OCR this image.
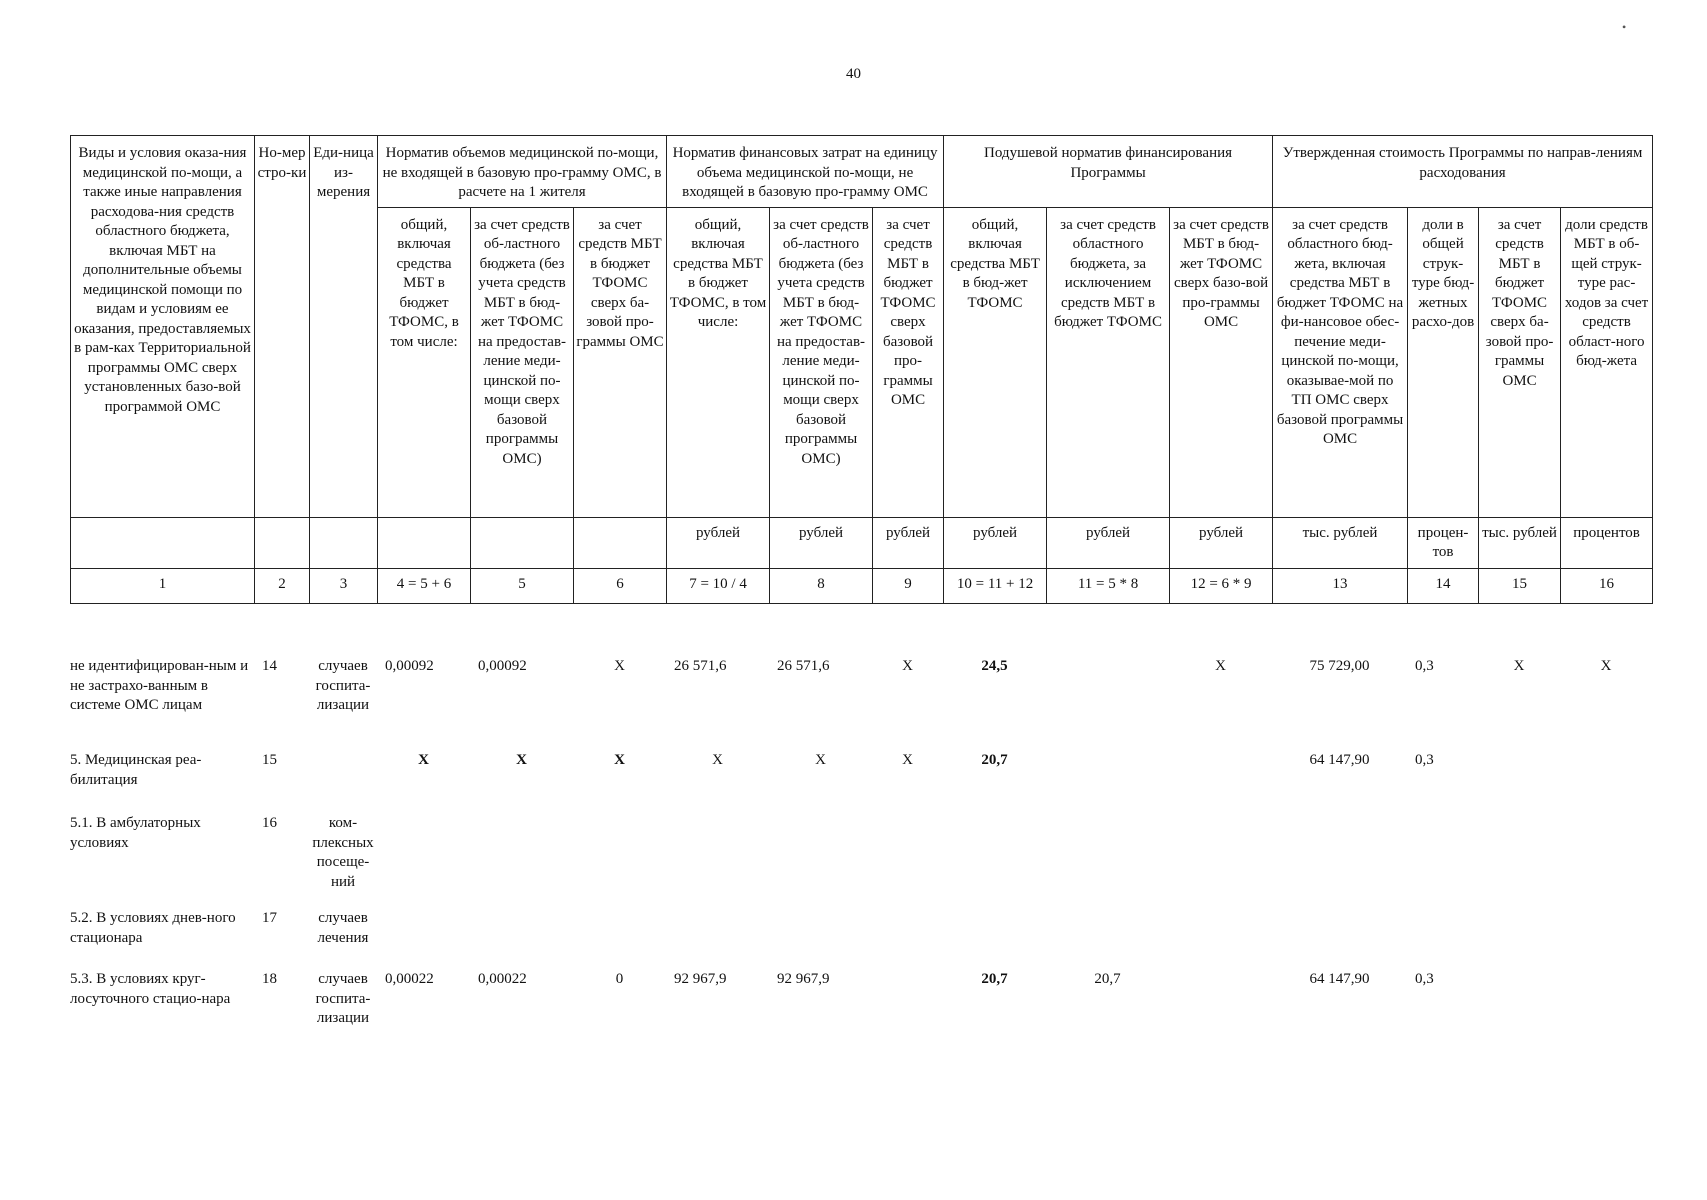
40
Виды и условия оказа-ния медицинской по-мощи, а также иные направления расходова-ния средств областного бюджета, включая МБТ на дополнительные объемы медицинской помощи по видам и условиям ее оказания, предоставляемых в рам-ках Территориальной программы ОМС сверх установленных базо-вой программой ОМС	Но-мер стро-ки	Еди-ница из-мерения	Норматив объемов медицинской по-мощи, не входящей в базовую про-грамму ОМС, в расчете на 1 жителя			Норматив финансовых затрат на единицу объема медицинской по-мощи, не входящей в базовую про-грамму ОМС			Подушевой норматив финансирования Программы			Утвержденная стоимость Программы по направ-лениям расходования			
			общий, включая средства МБТ в бюджет ТФОМС, в том числе:	за счет средств об-ластного бюджета (без учета средств МБТ в бюд-жет ТФОМС на предостав-ление меди-цинской по-мощи сверх базовой программы ОМС)	за счет средств МБТ в бюджет ТФОМС сверх ба-зовой про-граммы ОМС	общий, включая средства МБТ в бюджет ТФОМС, в том числе:	за счет средств об-ластного бюджета (без учета средств МБТ в бюд-жет ТФОМС на предостав-ление меди-цинской по-мощи сверх базовой программы ОМС)	за счет средств МБТ в бюджет ТФОМС сверх базовой про-граммы ОМС	общий, включая средства МБТ в бюд-жет ТФОМС	за счет средств областного бюджета, за исключением средств МБТ в бюджет ТФОМС	за счет средств МБТ в бюд-жет ТФОМС сверх базо-вой про-граммы ОМС	за счет средств областного бюд-жета, включая средства МБТ в бюджет ТФОМС на фи-нансовое обес-печение меди-цинской по-мощи, оказывае-мой по ТП ОМС сверх базовой программы ОМС	доли в общей струк-туре бюд-жетных расхо-дов	за счет средств МБТ в бюджет ТФОМС сверх ба-зовой про-граммы ОМС	доли средств МБТ в об-щей струк-туре рас-ходов за счет средств област-ного бюд-жета
						рублей	рублей	рублей	рублей	рублей	рублей	тыс. рублей	процен-тов	тыс. рублей	процентов
1	2	3	4 = 5 + 6	5	6	7 = 10 / 4	8	9	10 = 11 + 12	11 = 5 * 8	12 = 6 * 9	13	14	15	16
не идентифицирован-ным и не застрахо-ванным в системе ОМС лицам	14	случаев госпита-лизации	0,00092	0,00092	X	26 571,6	26 571,6	X	24,5		X	75 729,00	0,3	X	X
5. Медицинская реа-билитация	15		X	X	X	X	X	X	20,7			64 147,90	0,3		
5.1. В амбулаторных условиях	16	ком-плексных посеще-ний													
5.2. В условиях днев-ного стационара	17	случаев лечения													
5.3. В условиях круг-лосуточного стацио-нара	18	случаев госпита-лизации	0,00022	0,00022	0	92 967,9	92 967,9		20,7	20,7		64 147,90	0,3		
•
